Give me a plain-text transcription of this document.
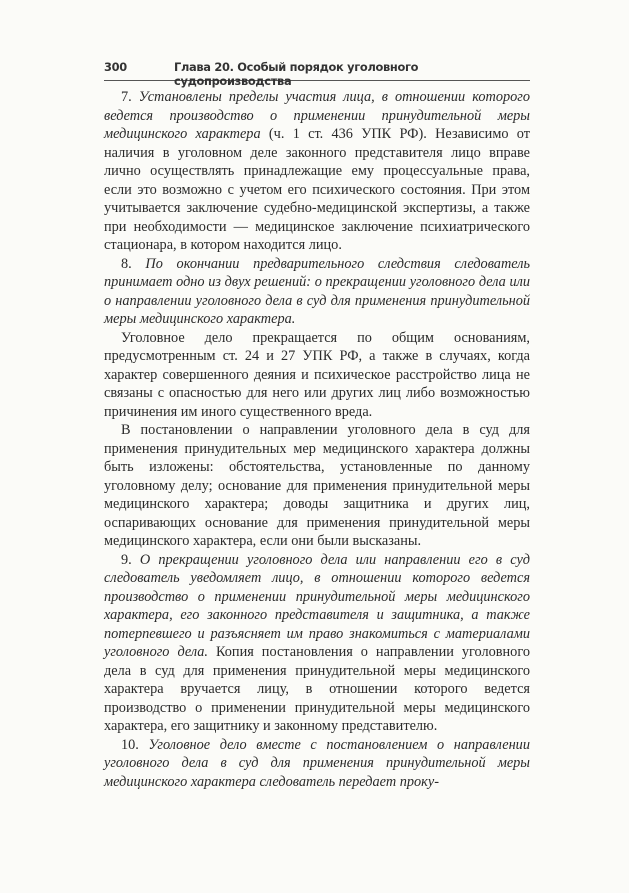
300	Глава 20. Особый порядок уголовного судопроизводства

7. Установлены пределы участия лица, в отношении которого ведется производство о применении принудительной меры медицинского характера (ч. 1 ст. 436 УПК РФ). Независимо от наличия в уголовном деле законного представителя лицо вправе лично осуществлять принадлежащие ему процессуальные права, если это возможно с учетом его психического состояния. При этом учитывается заключение судебно-медицинской экспертизы, а также при необходимости — медицинское заключение психиатрического стационара, в котором находится лицо.

8. По окончании предварительного следствия следователь принимает одно из двух решений: о прекращении уголовного дела или о направлении уголовного дела в суд для применения принудительной меры медицинского характера.

Уголовное дело прекращается по общим основаниям, предусмотренным ст. 24 и 27 УПК РФ, а также в случаях, когда характер совершенного деяния и психическое расстройство лица не связаны с опасностью для него или других лиц либо возможностью причинения им иного существенного вреда.

В постановлении о направлении уголовного дела в суд для применения принудительных мер медицинского характера должны быть изложены: обстоятельства, установленные по данному уголовному делу; основание для применения принудительной меры медицинского характера; доводы защитника и других лиц, оспаривающих основание для применения принудительной меры медицинского характера, если они были высказаны.

9. О прекращении уголовного дела или направлении его в суд следователь уведомляет лицо, в отношении которого ведется производство о применении принудительной меры медицинского характера, его законного представителя и защитника, а также потерпевшего и разъясняет им право знакомиться с материалами уголовного дела. Копия постановления о направлении уголовного дела в суд для применения принудительной меры медицинского характера вручается лицу, в отношении которого ведется производство о применении принудительной меры медицинского характера, его защитнику и законному представителю.

10. Уголовное дело вместе с постановлением о направлении уголовного дела в суд для применения принудительной меры медицинского характера следователь передает проку-
